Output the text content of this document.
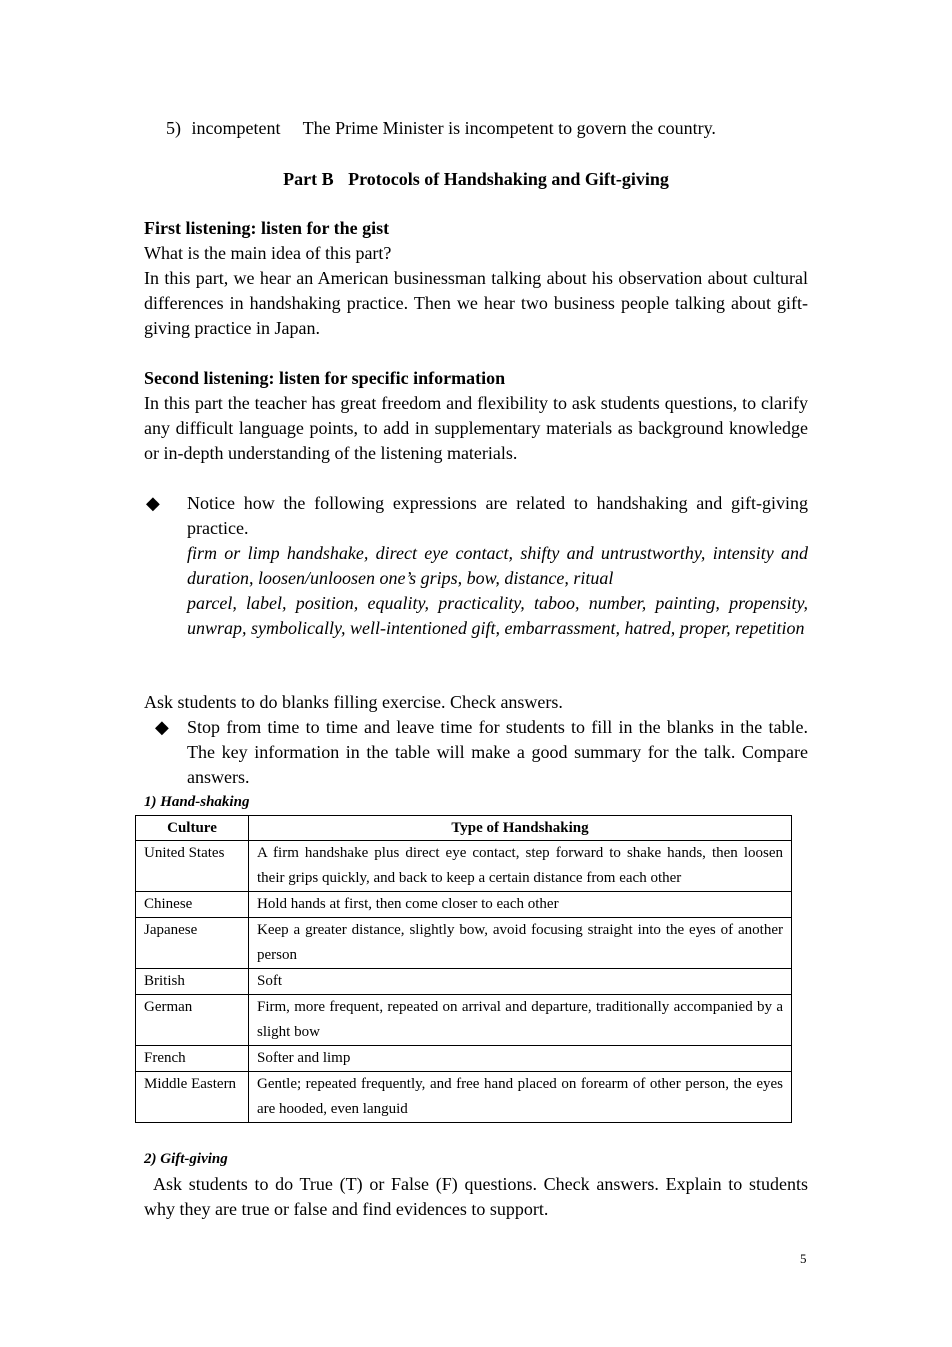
5) incompetent The Prime Minister is incompetent to govern the country.
Part B Protocols of Handshaking and Gift-giving
First listening: listen for the gist
What is the main idea of this part?
In this part, we hear an American businessman talking about his observation about cultural differences in handshaking practice. Then we hear two business people talking about gift-giving practice in Japan.
Second listening: listen for specific information
In this part the teacher has great freedom and flexibility to ask students questions, to clarify any difficult language points, to add in supplementary materials as background knowledge or in-depth understanding of the listening materials.
◆ Notice how the following expressions are related to handshaking and gift-giving practice.
firm or limp handshake, direct eye contact, shifty and untrustworthy, intensity and duration, loosen/unloosen one’s grips, bow, distance, ritual
parcel, label, position, equality, practicality, taboo, number, painting, propensity, unwrap, symbolically, well-intentioned gift, embarrassment, hatred, proper, repetition
Ask students to do blanks filling exercise. Check answers.
◆ Stop from time to time and leave time for students to fill in the blanks in the table. The key information in the table will make a good summary for the talk. Compare answers.
1) Hand-shaking
Culture	Type of Handshaking
United States	A firm handshake plus direct eye contact, step forward to shake hands, then loosen their grips quickly, and back to keep a certain distance from each other
Chinese	Hold hands at first, then come closer to each other
Japanese	Keep a greater distance, slightly bow, avoid focusing straight into the eyes of another person
British	Soft
German	Firm, more frequent, repeated on arrival and departure, traditionally accompanied by a slight bow
French	Softer and limp
Middle Eastern	Gentle; repeated frequently, and free hand placed on forearm of other person, the eyes are hooded, even languid
2) Gift-giving
Ask students to do True (T) or False (F) questions. Check answers. Explain to students why they are true or false and find evidences to support.
5
